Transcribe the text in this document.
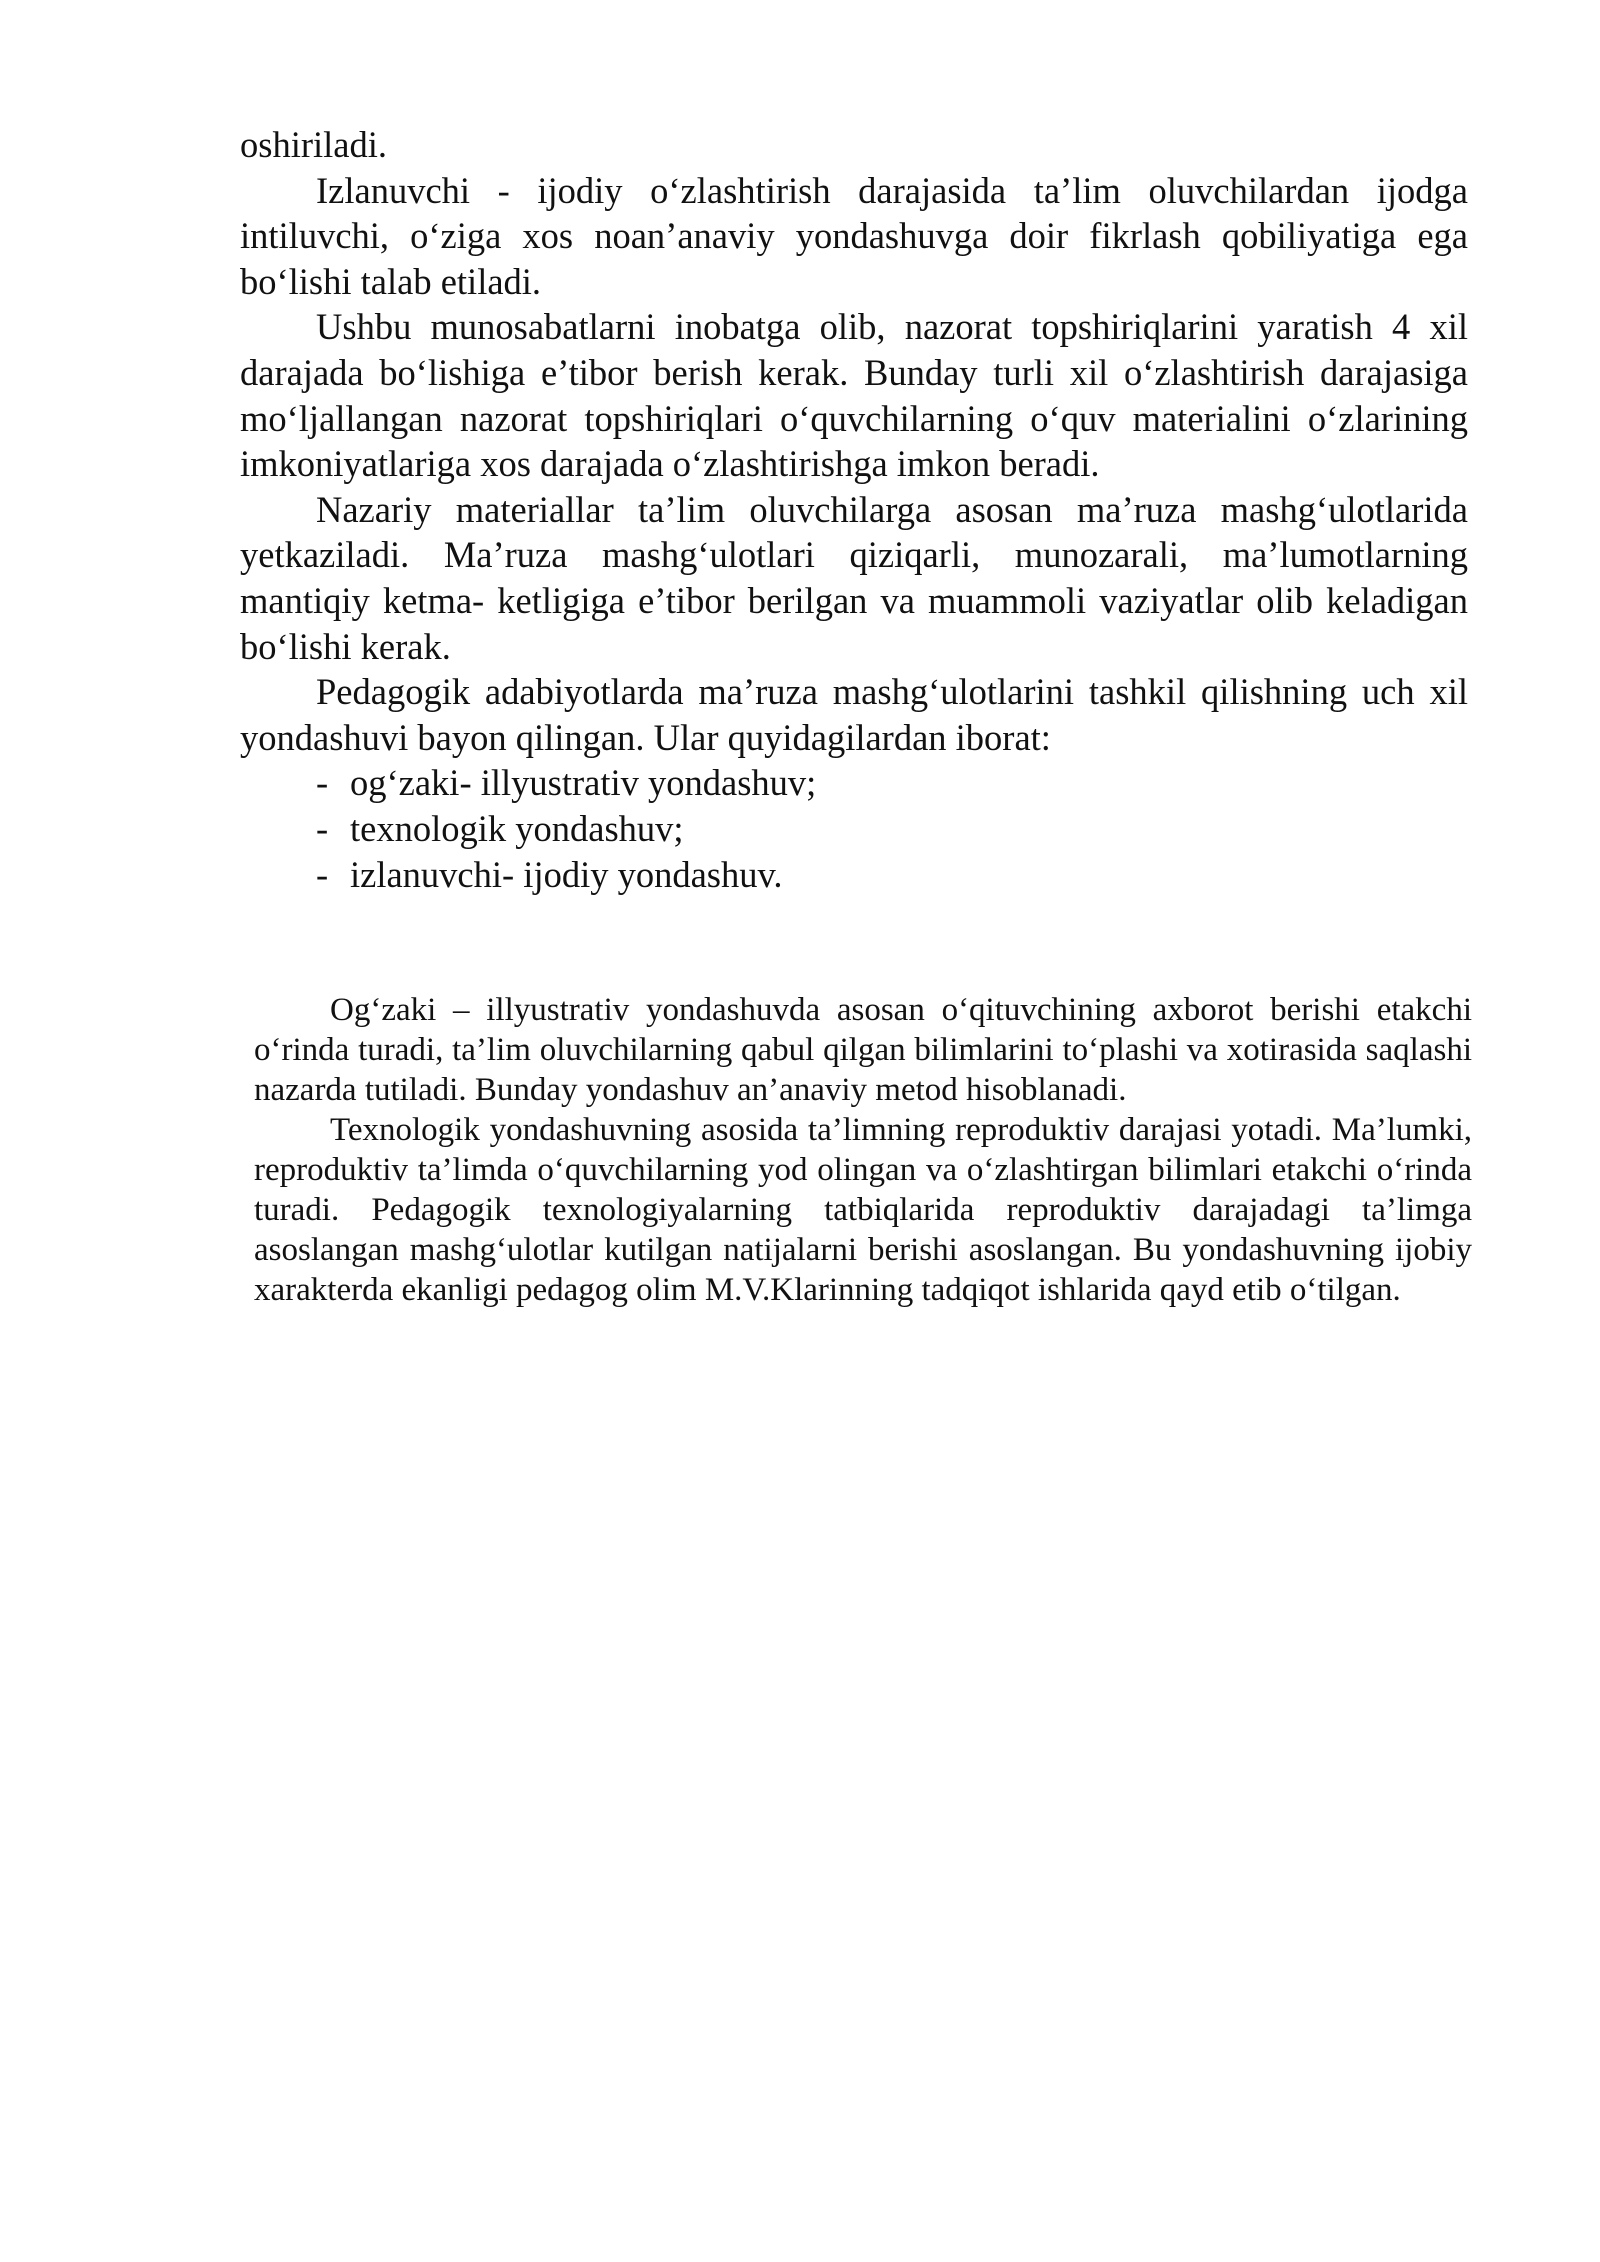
oshiriladi.

Izlanuvchi - ijodiy o‘zlashtirish darajasida ta’lim oluvchilardan ijodga intiluvchi, o‘ziga xos noan’anaviy yondashuvga doir fikrlash qobiliyatiga ega bo‘lishi talab etiladi.

Ushbu munosabatlarni inobatga olib, nazorat topshiriqlarini yaratish 4 xil darajada bo‘lishiga e’tibor berish kerak. Bunday turli xil o‘zlashtirish darajasiga mo‘ljallangan nazorat topshiriqlari o‘quvchilarning o‘quv materialini o‘zlarining imkoniyatlariga xos darajada o‘zlashtirishga imkon beradi.

Nazariy materiallar ta’lim oluvchilarga asosan ma’ruza mashg‘ulotlarida yetkaziladi. Ma’ruza mashg‘ulotlari qiziqarli, munozarali, ma’lumotlarning mantiqiy ketma- ketligiga e’tibor berilgan va muammoli vaziyatlar olib keladigan bo‘lishi kerak.

Pedagogik adabiyotlarda ma’ruza mashg‘ulotlarini tashkil qilishning uch xil yondashuvi bayon qilingan. Ular quyidagilardan iborat:

- og‘zaki- illyustrativ yondashuv;

- texnologik yondashuv;

- izlanuvchi- ijodiy yondashuv.

Og‘zaki – illyustrativ yondashuvda asosan o‘qituvchining axborot berishi etakchi o‘rinda turadi, ta’lim oluvchilarning qabul qilgan bilimlarini to‘plashi va xotirasida saqlashi nazarda tutiladi. Bunday yondashuv an’anaviy metod hisoblanadi.

Texnologik yondashuvning asosida ta’limning reproduktiv darajasi yotadi. Ma’lumki, reproduktiv ta’limda o‘quvchilarning yod olingan va o‘zlashtirgan bilimlari etakchi o‘rinda turadi. Pedagogik texnologiyalarning tatbiqlarida reproduktiv darajadagi ta’limga asoslangan mashg‘ulotlar kutilgan natijalarni berishi asoslangan. Bu yondashuvning ijobiy xarakterda ekanligi pedagog olim M.V.Klarinning tadqiqot ishlarida qayd etib o‘tilgan.
